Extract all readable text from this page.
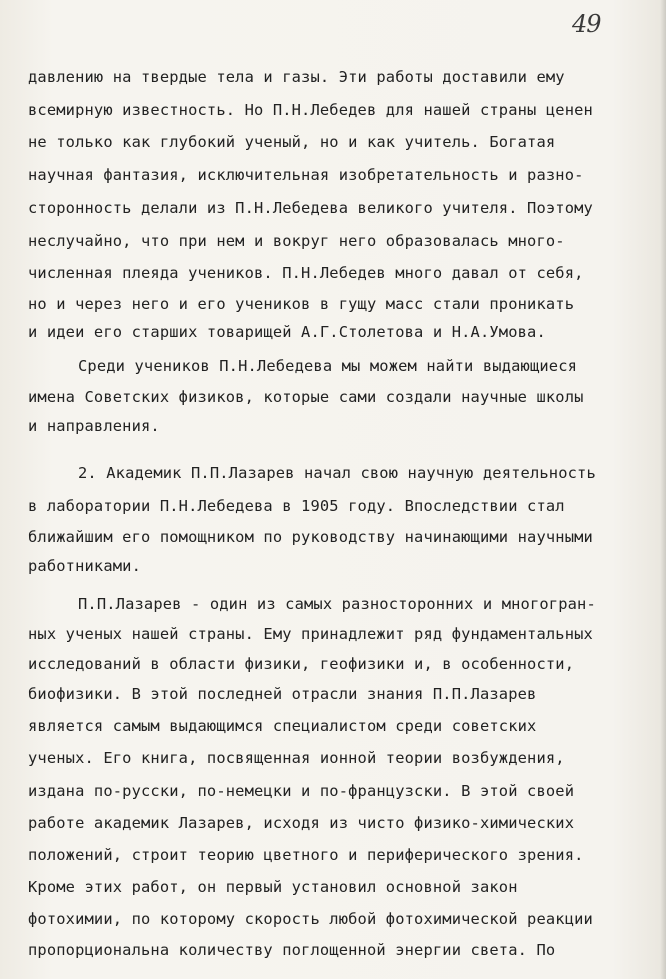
49
давлению на твердые тела и газы. Эти работы доставили ему
всемирную известность. Но П.Н.Лебедев для нашей страны ценен
не только как глубокий ученый, но и как учитель. Богатая
научная фантазия, исключительная изобретательность и разно-
сторонность делали из П.Н.Лебедева великого учителя. Поэтому
неслучайно, что при нем и вокруг него образовалась много-
численная плеяда учеников. П.Н.Лебедев много давал от себя,
но и через него и его учеников в гущу масс стали проникать
и идеи его старших товарищей А.Г.Столетова и Н.А.Умова.
Среди учеников П.Н.Лебедева мы можем найти выдающиеся
имена Советских физиков, которые сами создали научные школы
и направления.
2. Академик П.П.Лазарев начал свою научную деятельность
в лаборатории П.Н.Лебедева в 1905 году. Впоследствии стал
ближайшим его помощником по руководству начинающими научными
работниками.
П.П.Лазарев - один из самых разносторонних и многогран-
ных ученых нашей страны. Ему принадлежит ряд фундаментальных
исследований в области физики, геофизики и, в особенности,
биофизики. В этой последней отрасли знания П.П.Лазарев
является самым выдающимся специалистом среди советских
ученых. Его книга, посвященная ионной теории возбуждения,
издана по-русски, по-немецки и по-французски. В этой своей
работе академик Лазарев, исходя из чисто физико-химических
положений, строит теорию цветного и периферического зрения.
Кроме этих работ, он первый установил основной закон
фотохимии, по которому скорость любой фотохимической реакции
пропорциональна количеству поглощенной энергии света. По
